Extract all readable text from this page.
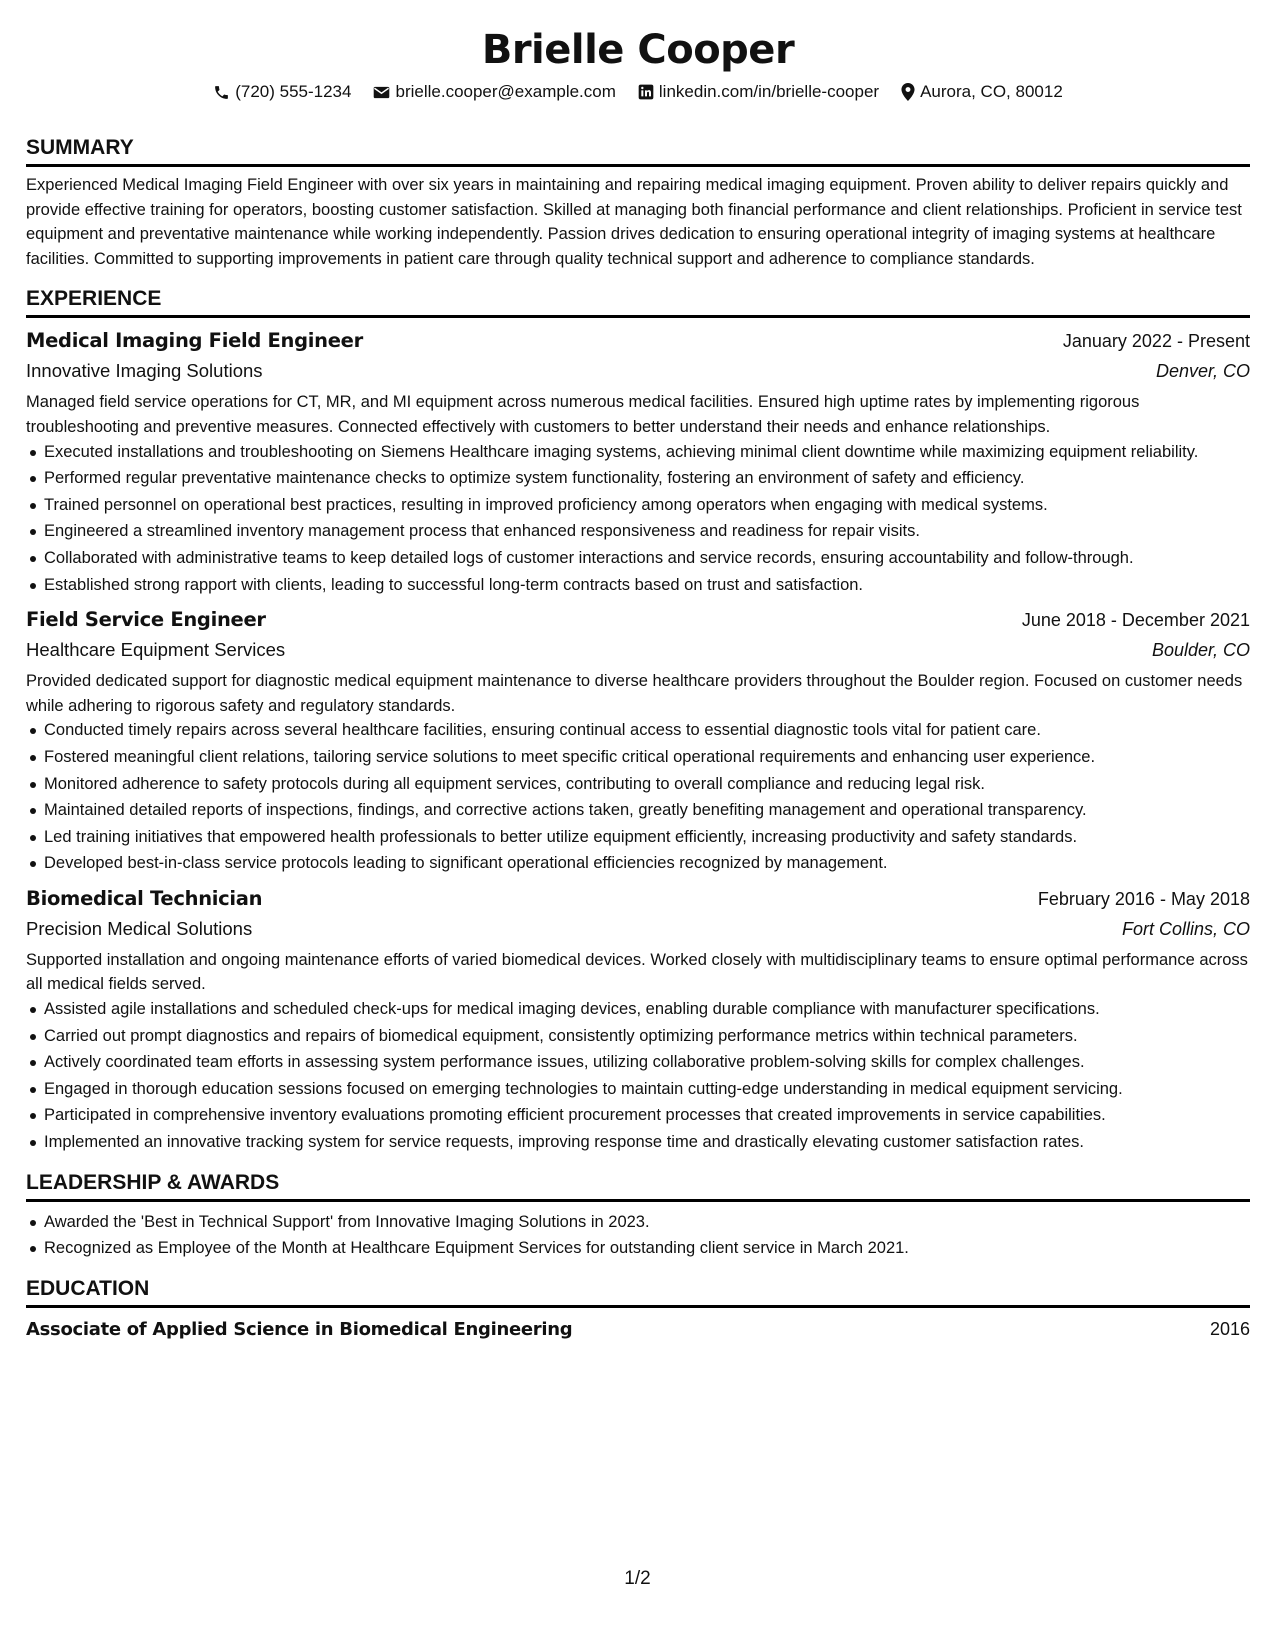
Brielle Cooper
(720) 555-1234	brielle.cooper@example.com	linkedin.com/in/brielle-cooper Aurora, CO, 80012
SUMMARY

Experienced Medical Imaging Field Engineer with over six years in maintaining and repairing medical imaging equipment. Proven ability to deliver repairs quickly and provide effective training for operators, boosting customer satisfaction. Skilled at managing both financial performance and client relationships. Proficient in service test equipment and preventative maintenance while working independently. Passion drives dedication to ensuring operational integrity of imaging systems at healthcare facilities. Committed to supporting improvements in patient care through quality technical support and adherence to compliance standards.

EXPERIENCE
Medical Imaging Field Engineer	January 2022 - Present
Innovative Imaging Solutions	Denver, CO

Managed field service operations for CT, MR, and MI equipment across numerous medical facilities. Ensured high uptime rates by implementing rigorous troubleshooting and preventive measures. Connected effectively with customers to better understand their needs and enhance relationships.

Executed installations and troubleshooting on Siemens Healthcare imaging systems, achieving minimal client downtime while maximizing equipment reliability.
Performed regular preventative maintenance checks to optimize system functionality, fostering an environment of safety and efficiency.
Trained personnel on operational best practices, resulting in improved proficiency among operators when engaging with medical systems.
Engineered a streamlined inventory management process that enhanced responsiveness and readiness for repair visits.
Collaborated with administrative teams to keep detailed logs of customer interactions and service records, ensuring accountability and follow-through.
Established strong rapport with clients, leading to successful long-term contracts based on trust and satisfaction.
Field Service Engineer	June 2018 - December 2021
Healthcare Equipment Services	Boulder, CO

Provided dedicated support for diagnostic medical equipment maintenance to diverse healthcare providers throughout the Boulder region. Focused on customer needs while adhering to rigorous safety and regulatory standards.

Conducted timely repairs across several healthcare facilities, ensuring continual access to essential diagnostic tools vital for patient care.
Fostered meaningful client relations, tailoring service solutions to meet specific critical operational requirements and enhancing user experience.
Monitored adherence to safety protocols during all equipment services, contributing to overall compliance and reducing legal risk.
Maintained detailed reports of inspections, findings, and corrective actions taken, greatly benefiting management and operational transparency.
Led training initiatives that empowered health professionals to better utilize equipment efficiently, increasing productivity and safety standards.
Developed best-in-class service protocols leading to significant operational efficiencies recognized by management.
Biomedical Technician	February 2016 - May 2018
Precision Medical Solutions	Fort Collins, CO

Supported installation and ongoing maintenance efforts of varied biomedical devices. Worked closely with multidisciplinary teams to ensure optimal performance across all medical fields served.

Assisted agile installations and scheduled check-ups for medical imaging devices, enabling durable compliance with manufacturer specifications.
Carried out prompt diagnostics and repairs of biomedical equipment, consistently optimizing performance metrics within technical parameters.
Actively coordinated team efforts in assessing system performance issues, utilizing collaborative problem-solving skills for complex challenges.
Engaged in thorough education sessions focused on emerging technologies to maintain cutting-edge understanding in medical equipment servicing.
Participated in comprehensive inventory evaluations promoting efficient procurement processes that created improvements in service capabilities.
Implemented an innovative tracking system for service requests, improving response time and drastically elevating customer satisfaction rates.
LEADERSHIP & AWARDS
Awarded the 'Best in Technical Support' from Innovative Imaging Solutions in 2023.
Recognized as Employee of the Month at Healthcare Equipment Services for outstanding client service in March 2021.
EDUCATION
Associate of Applied Science in Biomedical Engineering	2016
1/2
